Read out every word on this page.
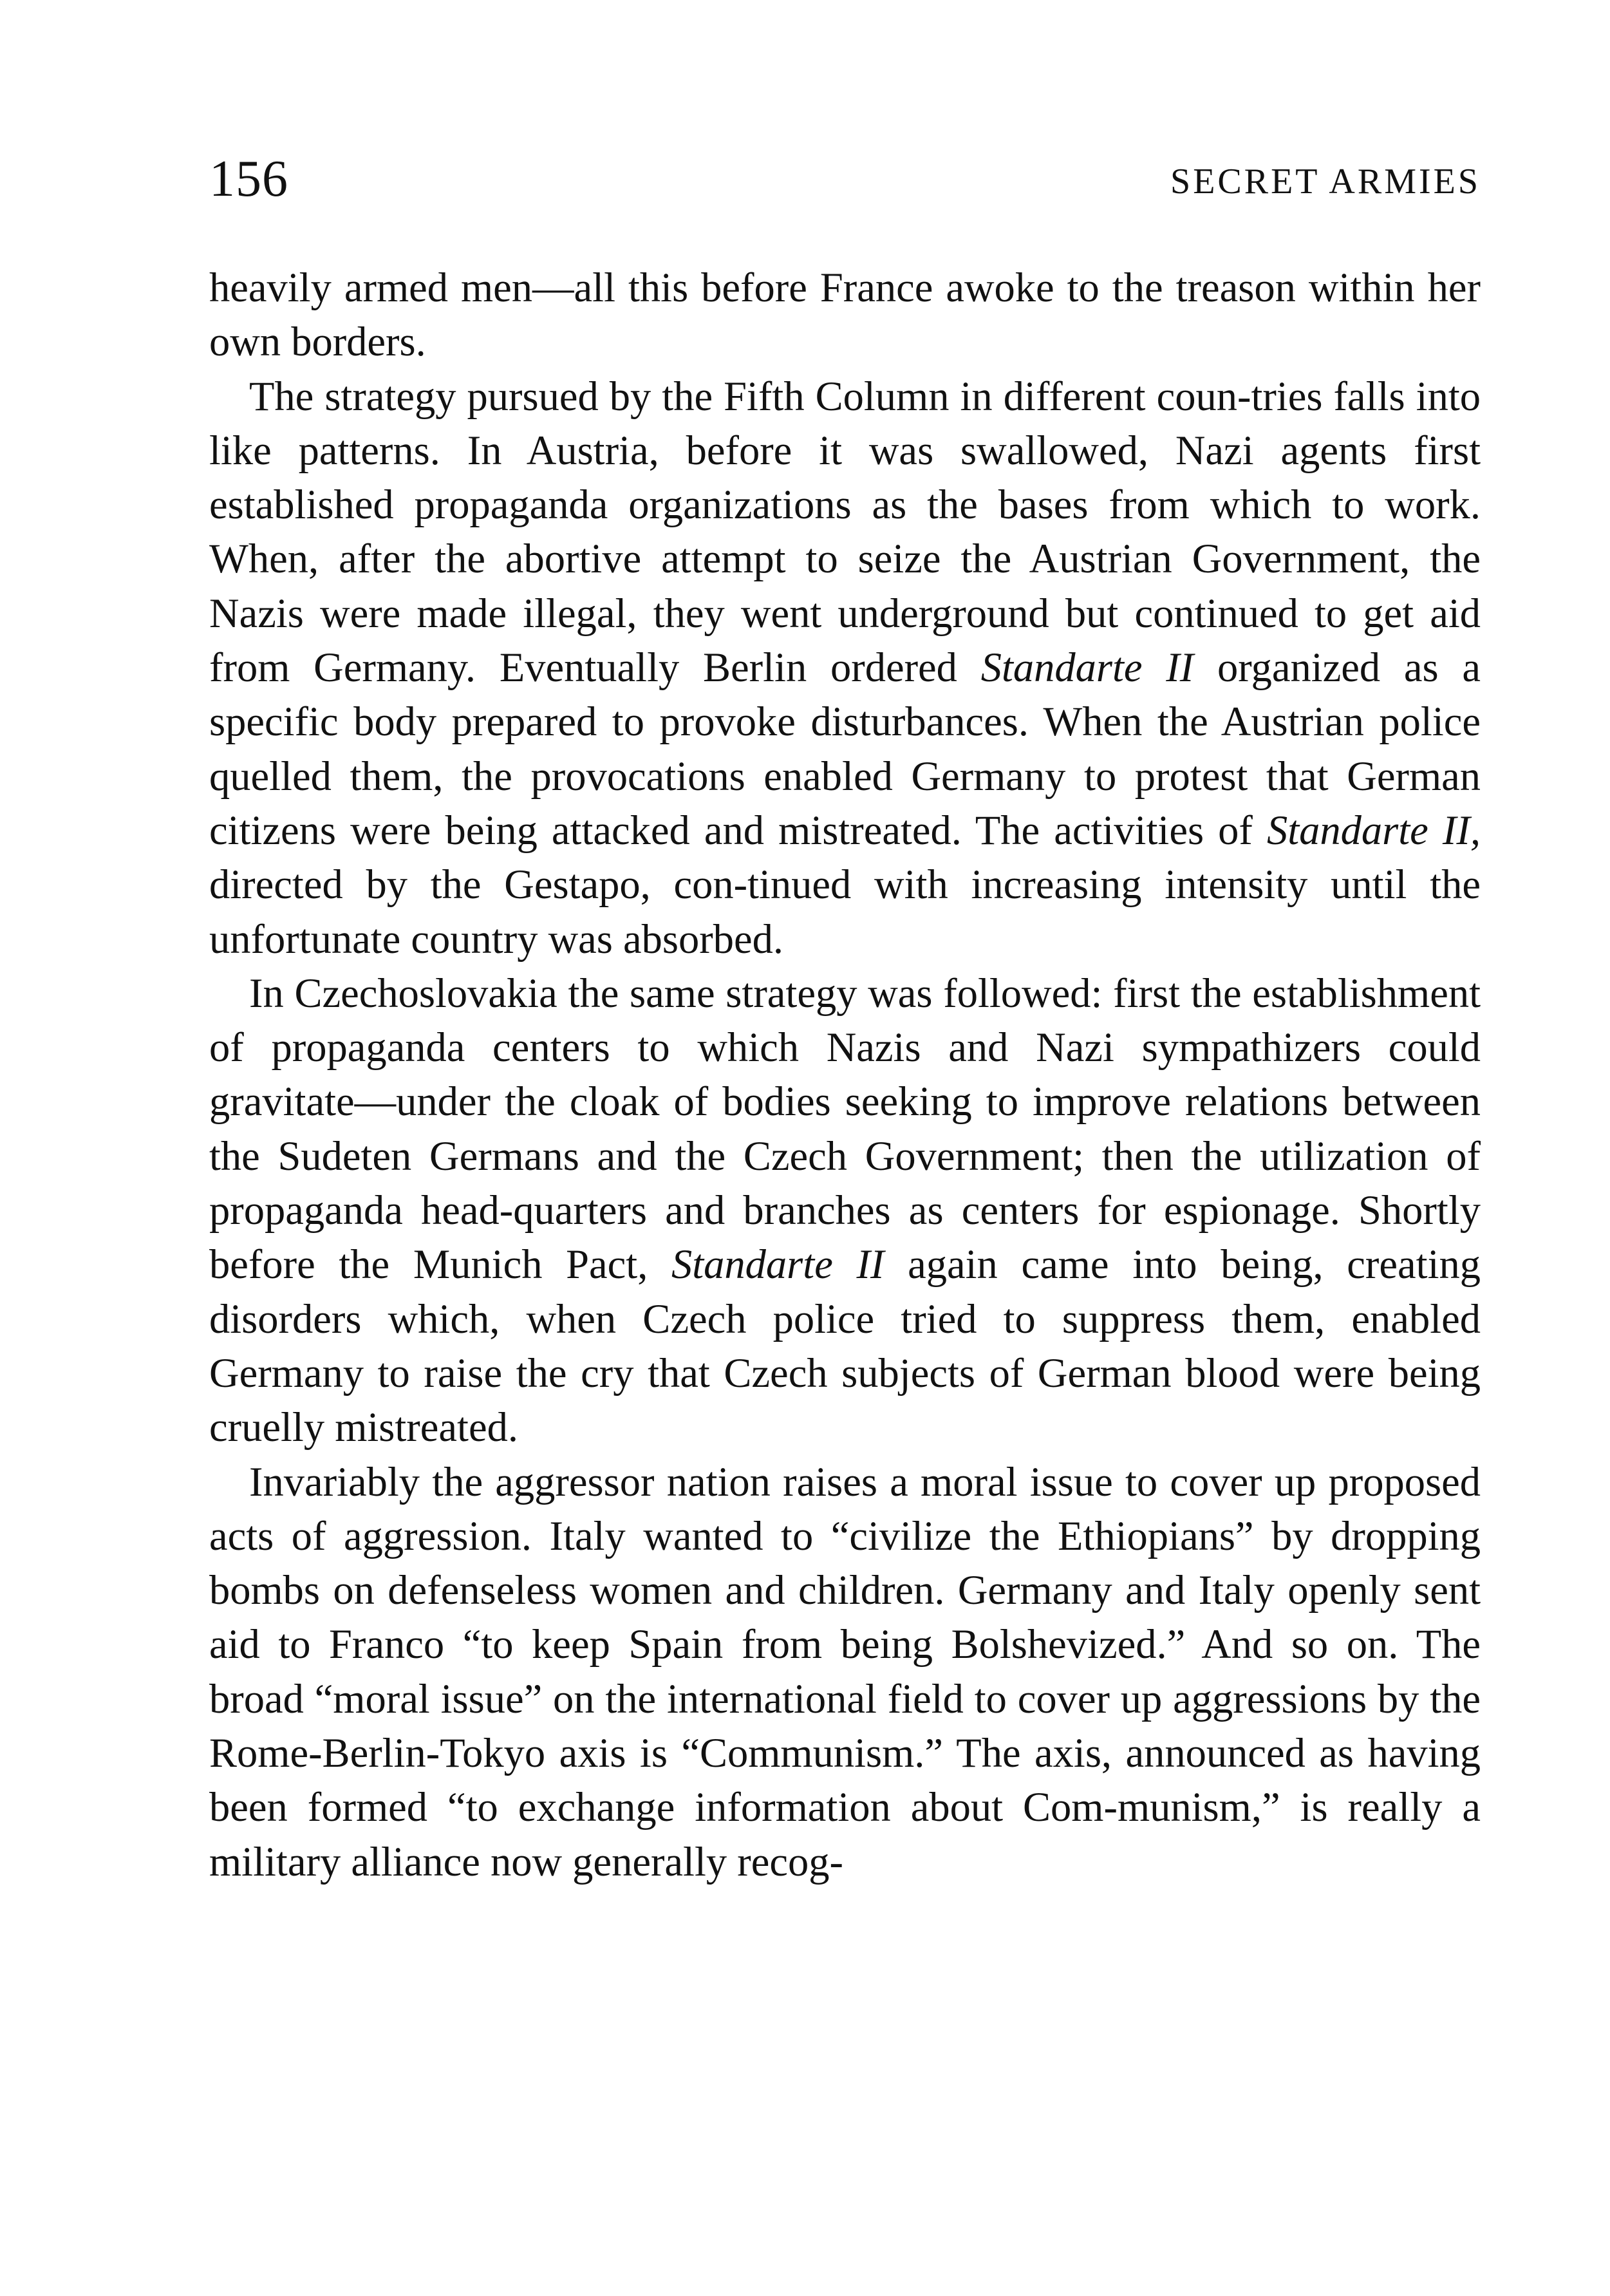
156	SECRET ARMIES

heavily armed men—all this before France awoke to the treason within her own borders.

The strategy pursued by the Fifth Column in different coun-tries falls into like patterns. In Austria, before it was swallowed, Nazi agents first established propaganda organizations as the bases from which to work. When, after the abortive attempt to seize the Austrian Government, the Nazis were made illegal, they went underground but continued to get aid from Germany. Eventually Berlin ordered Standarte II organized as a specific body prepared to provoke disturbances. When the Austrian police quelled them, the provocations enabled Germany to protest that German citizens were being attacked and mistreated. The activities of Standarte II, directed by the Gestapo, con-tinued with increasing intensity until the unfortunate country was absorbed.

In Czechoslovakia the same strategy was followed: first the establishment of propaganda centers to which Nazis and Nazi sympathizers could gravitate—under the cloak of bodies seeking to improve relations between the Sudeten Germans and the Czech Government; then the utilization of propaganda head-quarters and branches as centers for espionage. Shortly before the Munich Pact, Standarte II again came into being, creating disorders which, when Czech police tried to suppress them, enabled Germany to raise the cry that Czech subjects of German blood were being cruelly mistreated.

Invariably the aggressor nation raises a moral issue to cover up proposed acts of aggression. Italy wanted to “civilize the Ethiopians” by dropping bombs on defenseless women and children. Germany and Italy openly sent aid to Franco “to keep Spain from being Bolshevized.” And so on. The broad “moral issue” on the international field to cover up aggressions by the Rome-Berlin-Tokyo axis is “Communism.” The axis, announced as having been formed “to exchange information about Com-munism,” is really a military alliance now generally recog-
